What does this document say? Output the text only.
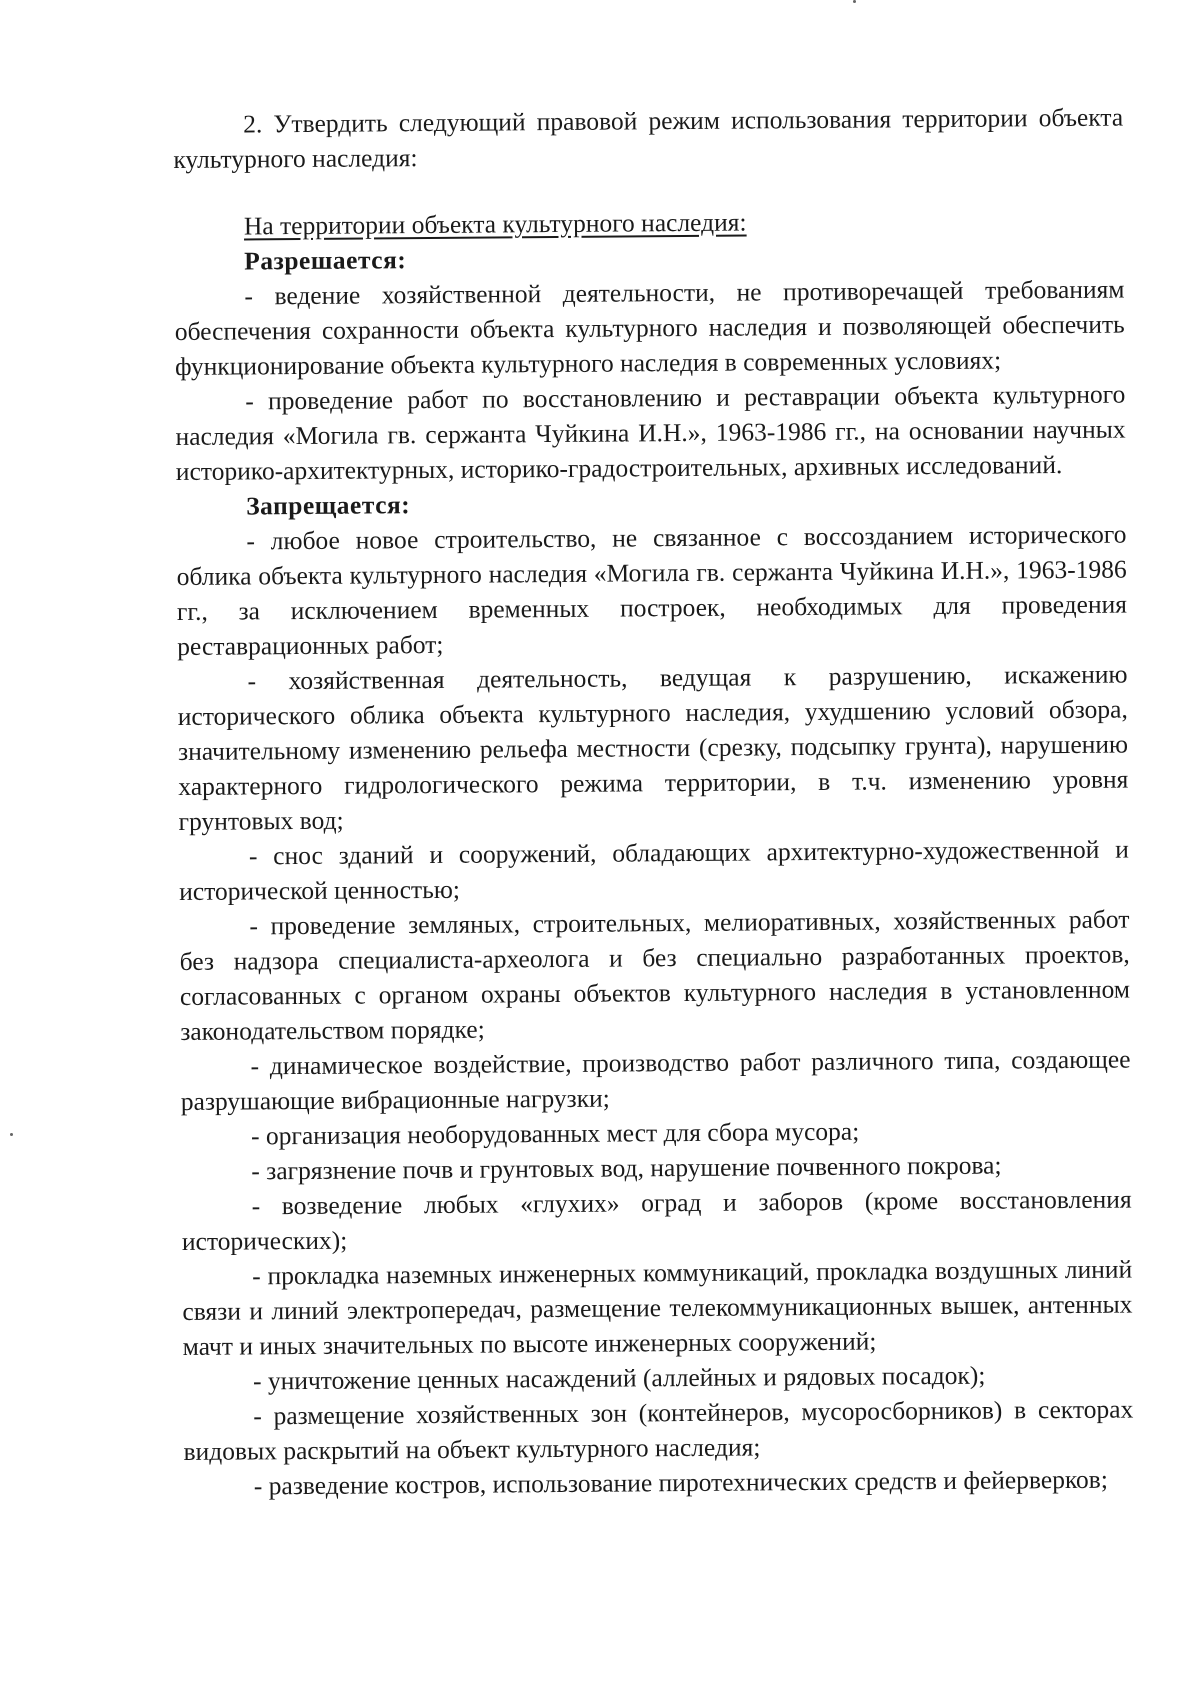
2. Утвердить следующий правовой режим использования территории объекта культурного наследия:

На территории объекта культурного наследия:

Разрешается:

- ведение хозяйственной деятельности, не противоречащей требованиям обеспечения сохранности объекта культурного наследия и позволяющей обеспечить функционирование объекта культурного наследия в современных условиях;

- проведение работ по восстановлению и реставрации объекта культурного наследия «Могила гв. сержанта Чуйкина И.Н.», 1963-1986 гг., на основании научных историко-архитектурных, историко-градостроительных, архивных исследований.

Запрещается:

- любое новое строительство, не связанное с воссозданием исторического облика объекта культурного наследия «Могила гв. сержанта Чуйкина И.Н.», 1963-1986 гг., за исключением временных построек, необходимых для проведения реставрационных работ;

- хозяйственная деятельность, ведущая к разрушению, искажению исторического облика объекта культурного наследия, ухудшению условий обзора, значительному изменению рельефа местности (срезку, подсыпку грунта), нарушению характерного гидрологического режима территории, в т.ч. изменению уровня грунтовых вод;

- снос зданий и сооружений, обладающих архитектурно-художественной и исторической ценностью;

- проведение земляных, строительных, мелиоративных, хозяйственных работ без надзора специалиста-археолога и без специально разработанных проектов, согласованных с органом охраны объектов культурного наследия в установленном законодательством порядке;

- динамическое воздействие, производство работ различного типа, создающее разрушающие вибрационные нагрузки;

- организация необорудованных мест для сбора мусора;

- загрязнение почв и грунтовых вод, нарушение почвенного покрова;

- возведение любых «глухих» оград и заборов (кроме восстановления исторических);

- прокладка наземных инженерных коммуникаций, прокладка воздушных линий связи и линий электропередач, размещение телекоммуникационных вышек, антенных мачт и иных значительных по высоте инженерных сооружений;

- уничтожение ценных насаждений (аллейных и рядовых посадок);

- размещение хозяйственных зон (контейнеров, мусоросборников) в секторах видовых раскрытий на объект культурного наследия;

- разведение костров, использование пиротехнических средств и фейерверков;
